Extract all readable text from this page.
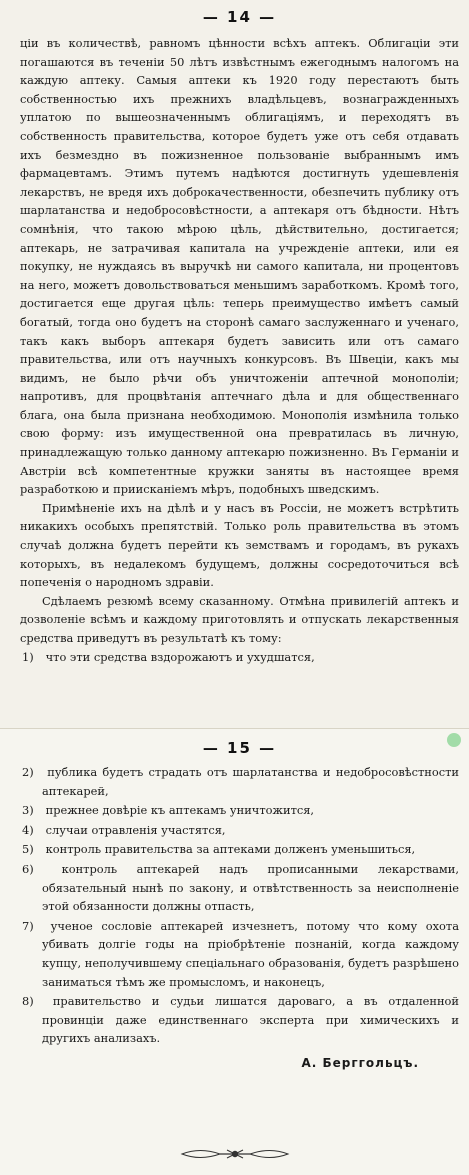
— 14 —

ціи въ количествѣ, равномъ цѣнности всѣхъ аптекъ. Облигаціи эти погашаются въ теченіи 50 лѣтъ извѣстнымъ ежегоднымъ налогомъ на каждую аптеку. Самыя аптеки къ 1920 году перестаютъ быть собственностью ихъ прежнихъ владѣльцевъ, вознагражденныхъ уплатою по вышеозначеннымъ облигаціямъ, и переходятъ въ собственность правительства, которое будетъ уже отъ себя отдавать ихъ безмездно въ пожизненное пользованіе выбраннымъ имъ фармацевтамъ. Этимъ путемъ надѣются достигнуть удешевленія лекарствъ, не вредя ихъ доброкачественности, обезпечить публику отъ шарлатанства и недобросовѣстности, а аптекаря отъ бѣдности. Нѣтъ сомнѣнія, что такою мѣрою цѣль, дѣйствительно, достигается; аптекарь, не затрачивая капитала на учрежденіе аптеки, или ея покупку, не нуждаясь въ выручкѣ ни самого капитала, ни процентовъ на него, можетъ довольствоваться меньшимъ заработкомъ. Кромѣ того, достигается еще другая цѣль: теперь преимущество имѣетъ самый богатый, тогда оно будетъ на сторонѣ самаго заслуженнаго и ученаго, такъ какъ выборъ аптекаря будетъ зависить или отъ самаго правительства, или отъ научныхъ конкурсовъ. Въ Швеціи, какъ мы видимъ, не было рѣчи объ уничтоженіи аптечной монополіи; напротивъ, для процвѣтанія аптечнаго дѣла и для общественнаго блага, она была признана необходимою. Монополія измѣнила только свою форму: изъ имущественной она превратилась въ личную, принадлежащую только данному аптекарю пожизненно. Въ Германіи и Австріи всѣ компетентные кружки заняты въ настоящее время разработкою и приискaніемъ мѣръ, подобныхъ шведскимъ.

Примѣненіе ихъ на дѣлѣ и у насъ въ Россіи, не можетъ встрѣтить никакихъ особыхъ препятствій. Только роль правительства въ этомъ случаѣ должна будетъ перейти къ земствамъ и городамъ, въ рукахъ которыхъ, въ недалекомъ будущемъ, должны сосредоточиться всѣ попеченія о народномъ здравіи.

Сдѣлаемъ резюмѣ всему сказанному. Отмѣна привилегій аптекъ и дозволеніе всѣмъ и каждому приготовлять и отпускать лекарственныя средства приведутъ въ результатѣ къ тому:

1) что эти средства вздорожаютъ и ухудшатся,
— 15 —
2) публика будетъ страдать отъ шарлатанства и недобросовѣстности аптекарей,
3) прежнее довѣріе къ аптекамъ уничтожится,
4) случаи отравленія участятся,
5) контроль правительства за аптеками долженъ уменьшиться,
6) контроль аптекарей надъ прописанными лекарствами, обязательный нынѣ по закону, и отвѣтственность за неисполненіе этой обязанности должны отпасть,
7) ученое сословіе аптекарей изчезнетъ, потому что кому охота убивать долгіе годы на пріобрѣтеніе познаній, когда каждому купцу, неполучившему спеціальнаго образованія, будетъ разрѣшено заниматься тѣмъ же промысломъ, и наконецъ,
8) правительство и судьи лишатся дароваго, а въ отдаленной провинціи даже единственнаго эксперта при химическихъ и другихъ анализахъ.
А. Берггольцъ.
